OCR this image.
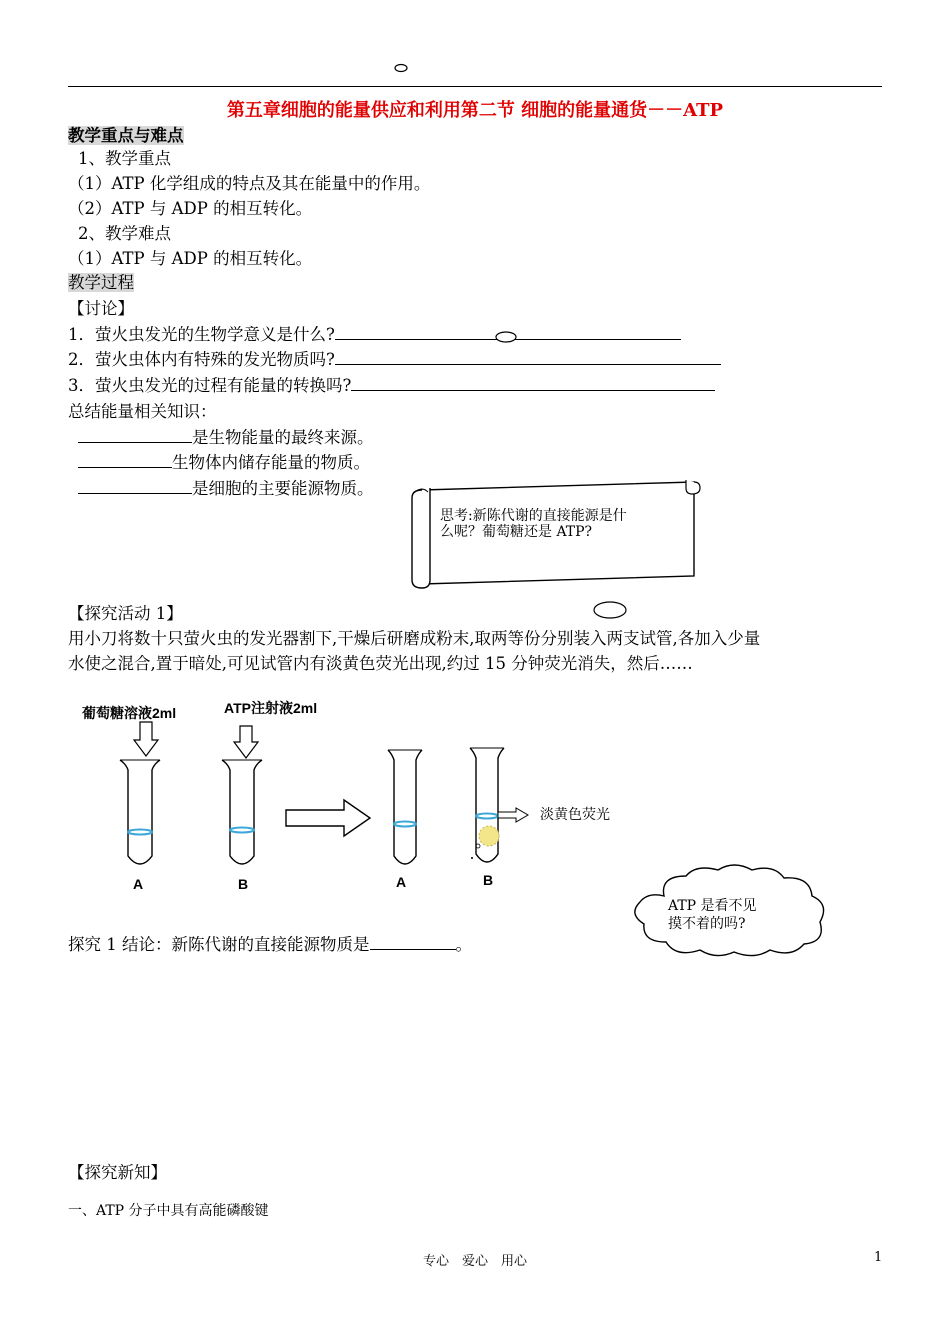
第五章细胞的能量供应和利用第二节 细胞的能量通货－－ATP
教学重点与难点
1、教学重点
（1）ATP 化学组成的特点及其在能量中的作用。
（2）ATP 与 ADP 的相互转化。
2、教学难点
（1）ATP 与 ADP 的相互转化。
教学过程
【讨论】
1．萤火虫发光的生物学意义是什么?
2．萤火虫体内有特殊的发光物质吗?
3．萤火虫发光的过程有能量的转换吗?
总结能量相关知识：
是生物能量的最终来源。
生物体内储存能量的物质。
是细胞的主要能源物质。
思考:新陈代谢的直接能源是什
么呢？葡萄糖还是 ATP?
【探究活动 1】
用小刀将数十只萤火虫的发光器割下,干燥后研磨成粉末,取两等份分别装入两支试管,各加入少量
水使之混合,置于暗处,可见试管内有淡黄色荧光出现,约过 15 分钟荧光消失，然后……
葡萄糖溶液2ml	ATP注射液2ml
A	B	A	B
淡黄色荧光
ATP 是看不见
摸不着的吗?
探究 1 结论：新陈代谢的直接能源物质是	。
【探究新知】
一、ATP 分子中具有高能磷酸键
专心　爱心　用心	1
